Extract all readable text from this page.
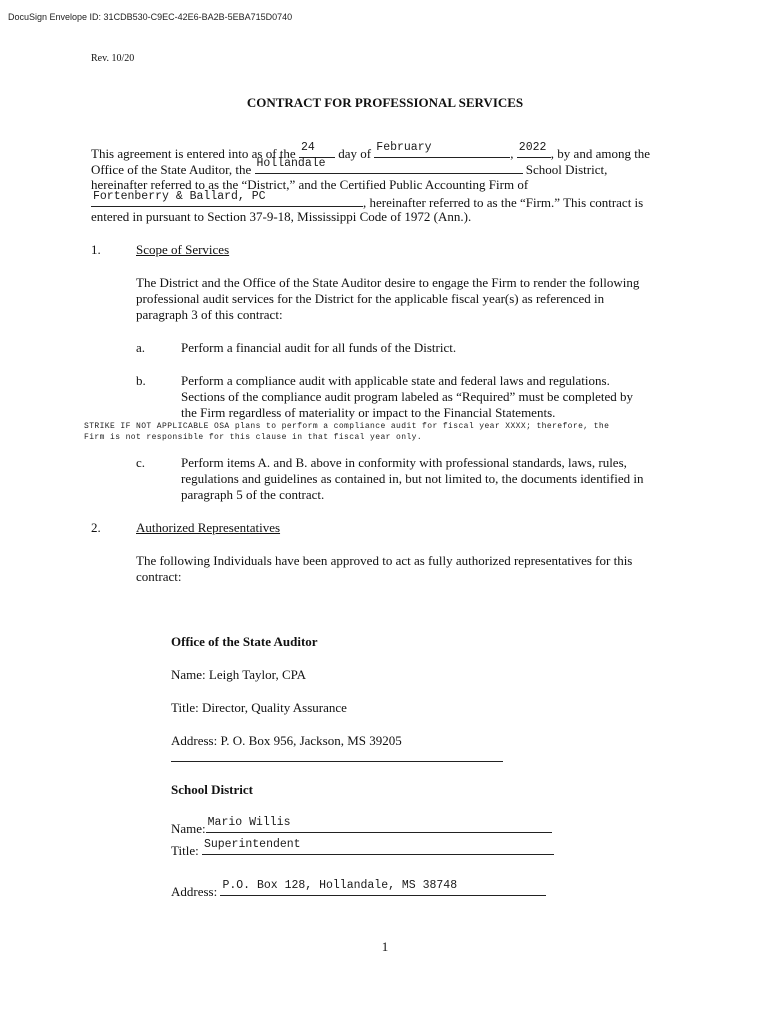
DocuSign Envelope ID: 31CDB530-C9EC-42E6-BA2B-5EBA715D0740
Rev. 10/20
CONTRACT FOR PROFESSIONAL SERVICES
This agreement is entered into as of the 24 day of February	, 2022 , by and among the
Office of the State Auditor, the Hollandale	School District,
hereinafter referred to as the “District,” and the Certified Public Accounting Firm of
Fortenberry & Ballard, PC	, hereinafter referred to as the “Firm.” This contract is
entered in pursuant to Section 37-9-18, Mississippi Code of 1972 (Ann.).
1.	Scope of Services
The District and the Office of the State Auditor desire to engage the Firm to render the following
professional audit services for the District for the applicable fiscal year(s) as referenced in
paragraph 3 of this contract:
a.	Perform a financial audit for all funds of the District.
b.	Perform a compliance audit with applicable state and federal laws and regulations.
Sections of the compliance audit program labeled as “Required” must be completed by
the Firm regardless of materiality or impact to the Financial Statements.
STRIKE IF NOT APPLICABLE OSA plans to perform a compliance audit for fiscal year XXXX; therefore, the
Firm is not responsible for this clause in that fiscal year only.
c.	Perform items A. and B. above in conformity with professional standards, laws, rules,
regulations and guidelines as contained in, but not limited to, the documents identified in
paragraph 5 of the contract.
2.	Authorized Representatives
The following Individuals have been approved to act as fully authorized representatives for this
contract:
Office of the State Auditor
Name: Leigh Taylor, CPA
Title: Director, Quality Assurance
Address: P. O. Box 956, Jackson, MS 39205
School District
Name: Mario Willis
Title: Superintendent
Address: P.O. Box 128, Hollandale, MS 38748
1
